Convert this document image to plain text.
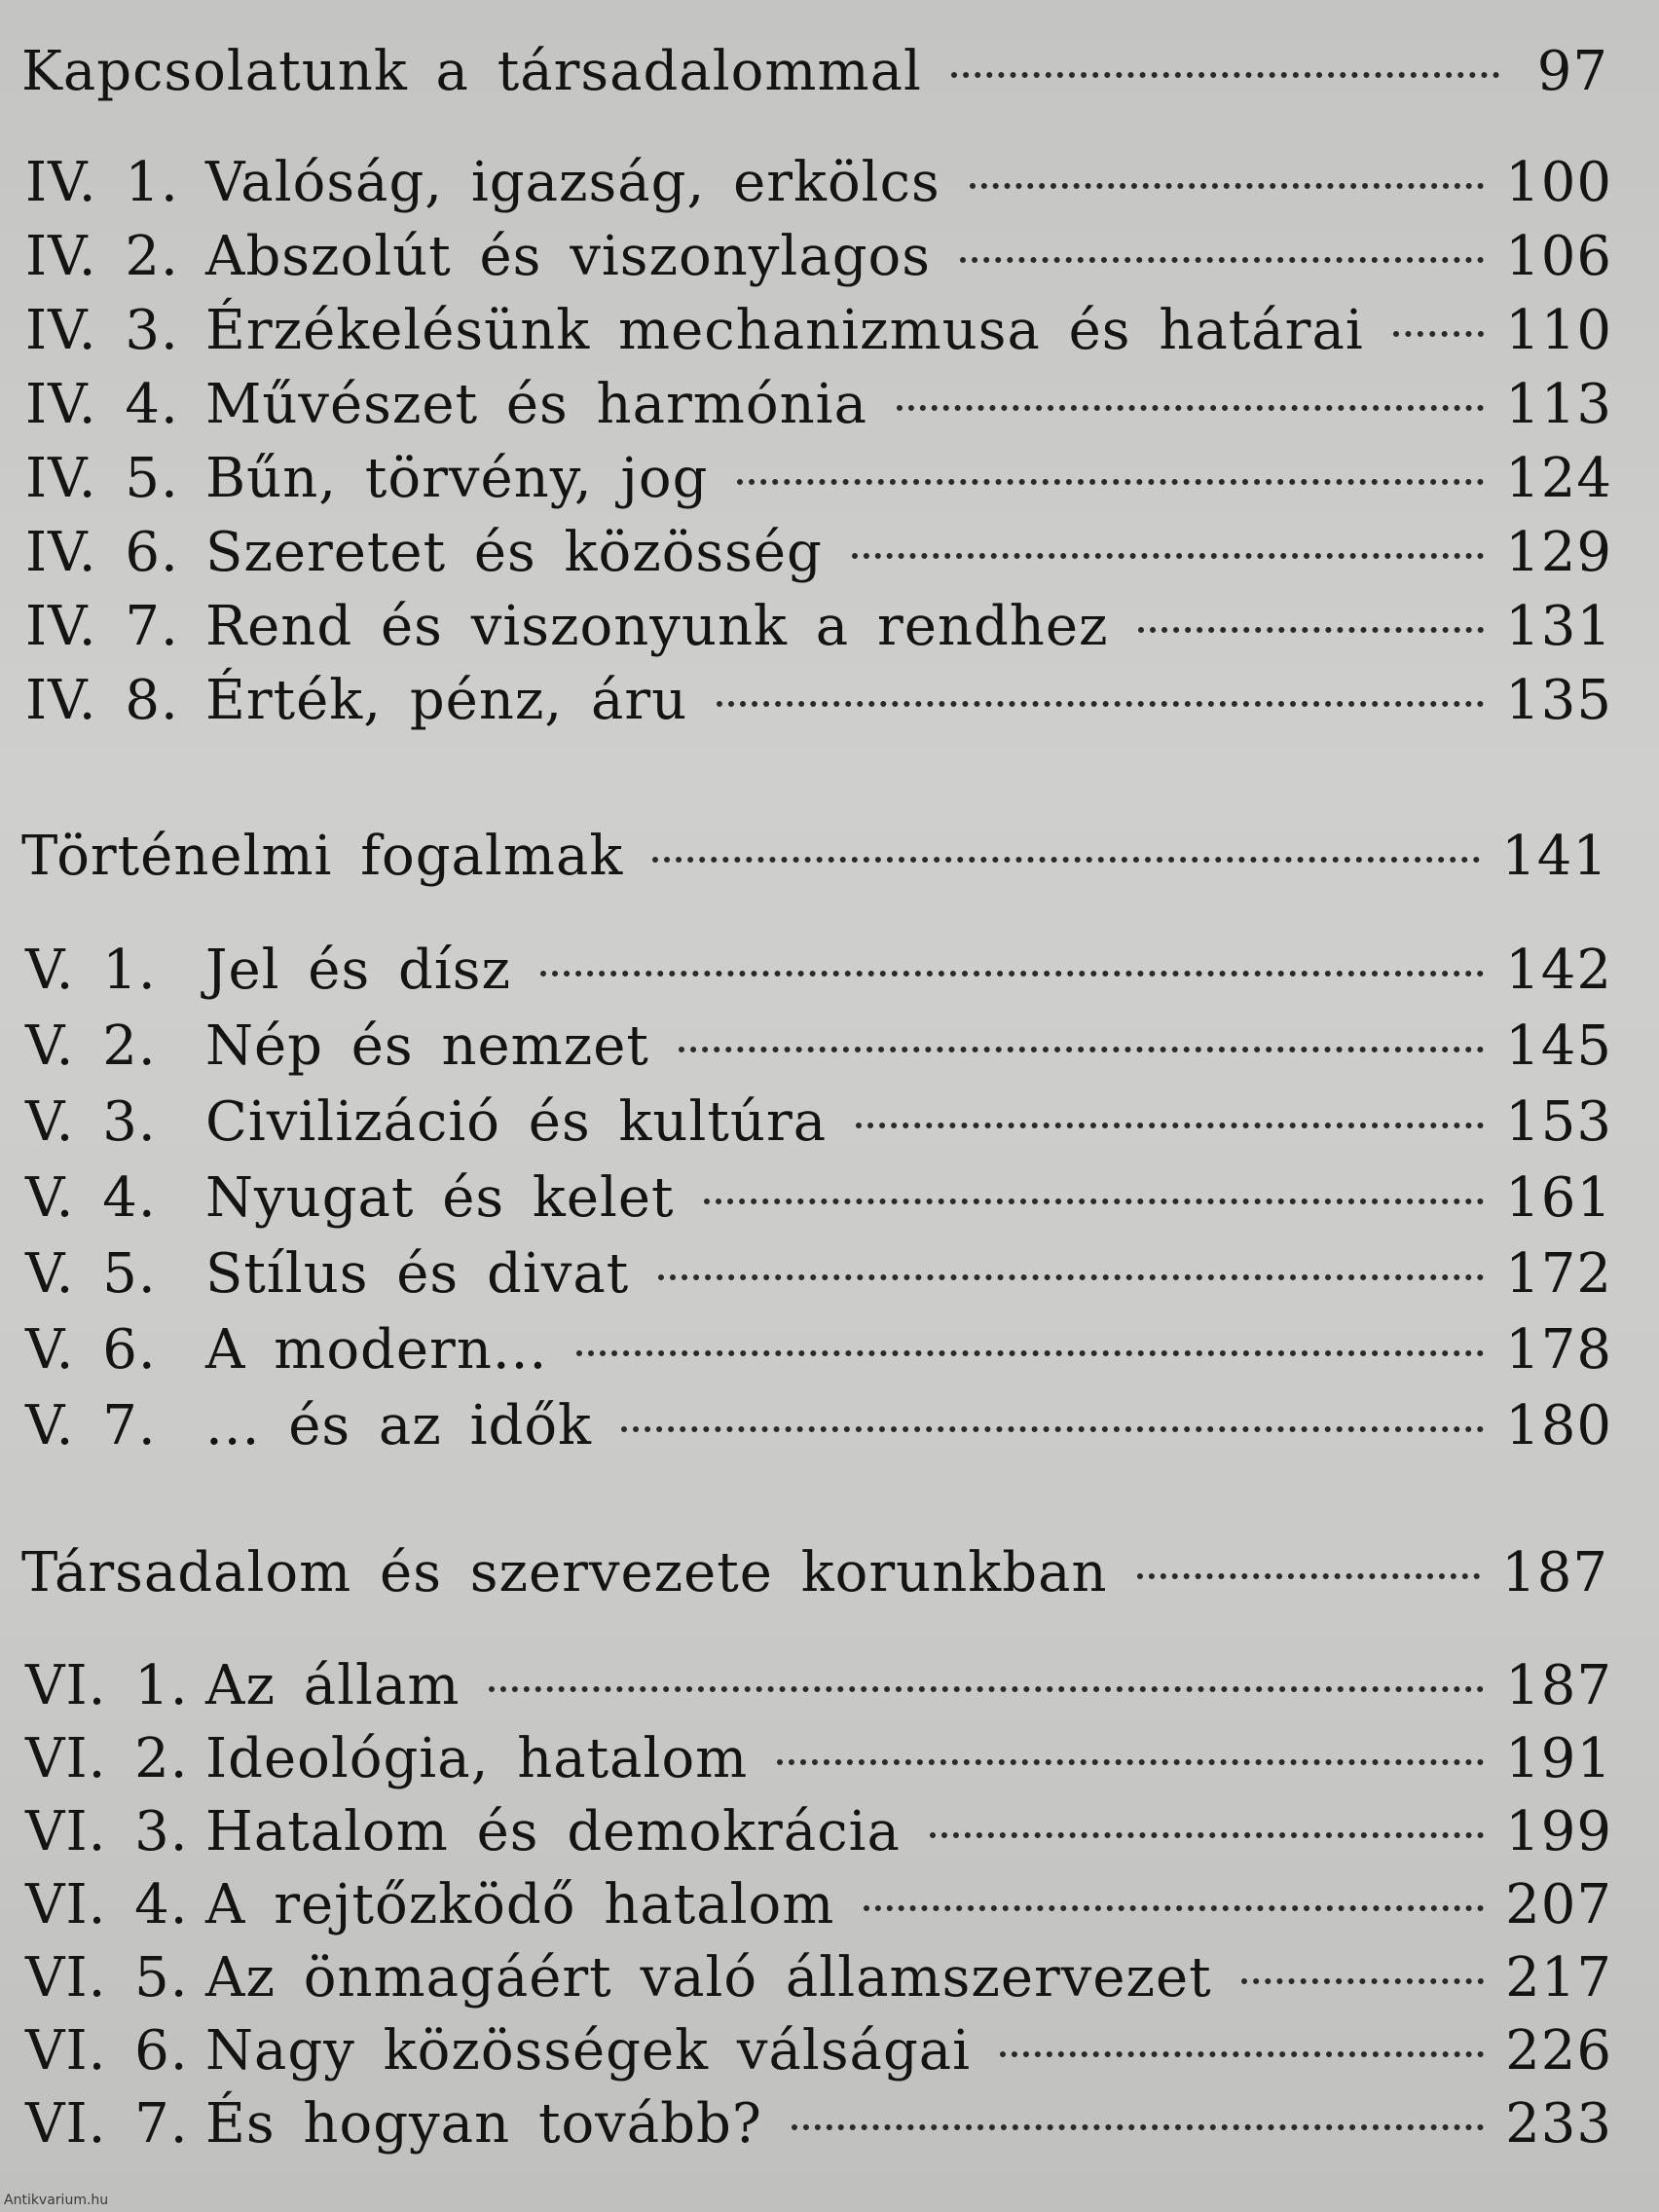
Kapcsolatunk a társadalommal	97
IV. 1. Valóság, igazság, erkölcs	100
IV. 2. Abszolút és viszonylagos	106
IV. 3. Érzékelésünk mechanizmusa és határai	110
IV. 4. Művészet és harmónia	113
IV. 5. Bűn, törvény, jog	124
IV. 6. Szeretet és közösség	129
IV. 7. Rend és viszonyunk a rendhez	131
IV. 8. Érték, pénz, áru	135
Történelmi fogalmak	141
V. 1. Jel és dísz	142
V. 2. Nép és nemzet	145
V. 3. Civilizáció és kultúra	153
V. 4. Nyugat és kelet	161
V. 5. Stílus és divat	172
V. 6. A modern...	178
V. 7. ... és az idők	180
Társadalom és szervezete korunkban	187
VI. 1. Az állam	187
VI. 2. Ideológia, hatalom	191
VI. 3. Hatalom és demokrácia	199
VI. 4. A rejtőzködő hatalom	207
VI. 5. Az önmagáért való államszervezet	217
VI. 6. Nagy közösségek válságai	226
VI. 7. És hogyan tovább?	233
Antikvarium.hu
